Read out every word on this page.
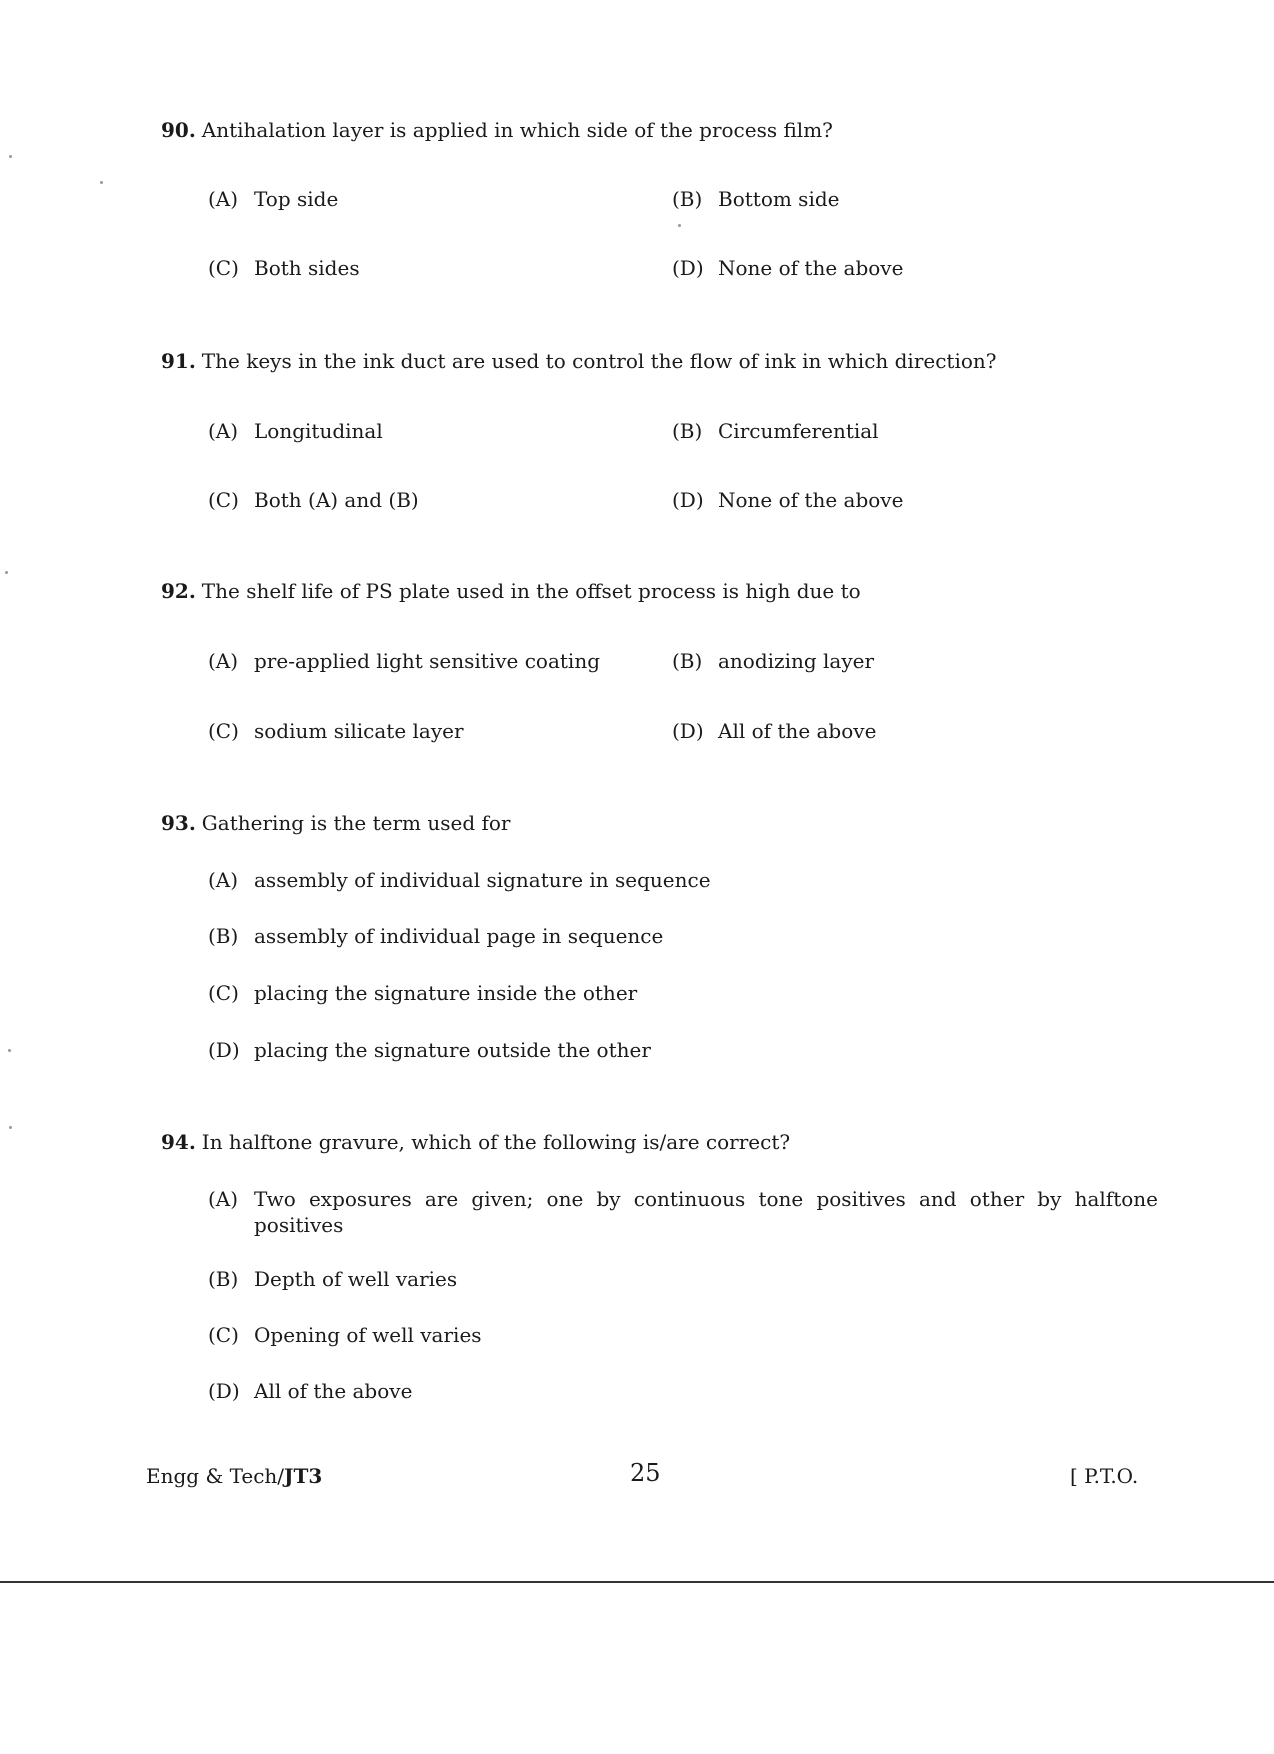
90. Antihalation layer is applied in which side of the process film?
(A) Top side	(B) Bottom side
(C) Both sides	(D) None of the above
91. The keys in the ink duct are used to control the flow of ink in which direction?
(A) Longitudinal	(B) Circumferential
(C) Both (A) and (B)	(D) None of the above
92. The shelf life of PS plate used in the offset process is high due to
(A) pre-applied light sensitive coating	(B) anodizing layer
(C) sodium silicate layer	(D) All of the above
93. Gathering is the term used for
(A) assembly of individual signature in sequence
(B) assembly of individual page in sequence
(C) placing the signature inside the other
(D) placing the signature outside the other
94. In halftone gravure, which of the following is/are correct?
(A) Two exposures are given; one by continuous tone positives and other by halftone positives
(B) Depth of well varies
(C) Opening of well varies
(D) All of the above
Engg & Tech/JT3	25	[ P.T.O.
